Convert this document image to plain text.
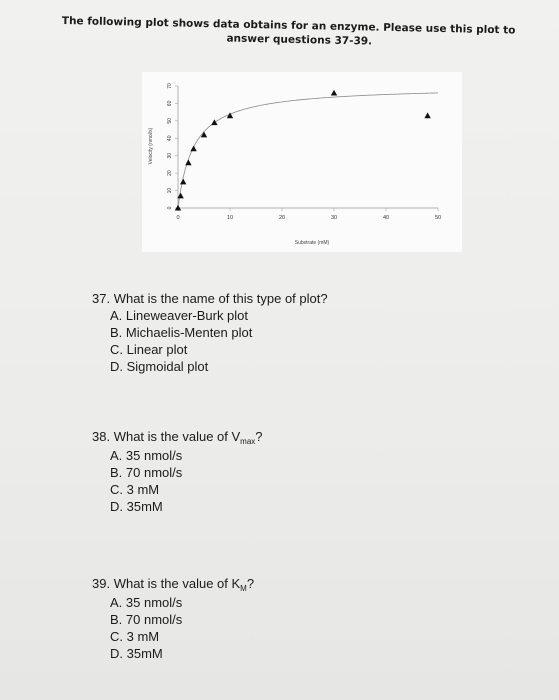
The following plot shows data obtains for an enzyme. Please use this plot to
answer questions 37-39.
0
10
20
30
40
50
60
70
0	10	20	30	40	50
Substrate (mM)
Velocity (nmol/s)
37. What is the name of this type of plot?
A. Lineweaver-Burk plot
B. Michaelis-Menten plot
C. Linear plot
D. Sigmoidal plot
38. What is the value of $V_{max}$?
A. 35 nmol/s
B. 70 nmol/s
C. 3 mM
D. 35mM
39. What is the value of $K_M$?
A. 35 nmol/s
B. 70 nmol/s
C. 3 mM
D. 35mM
